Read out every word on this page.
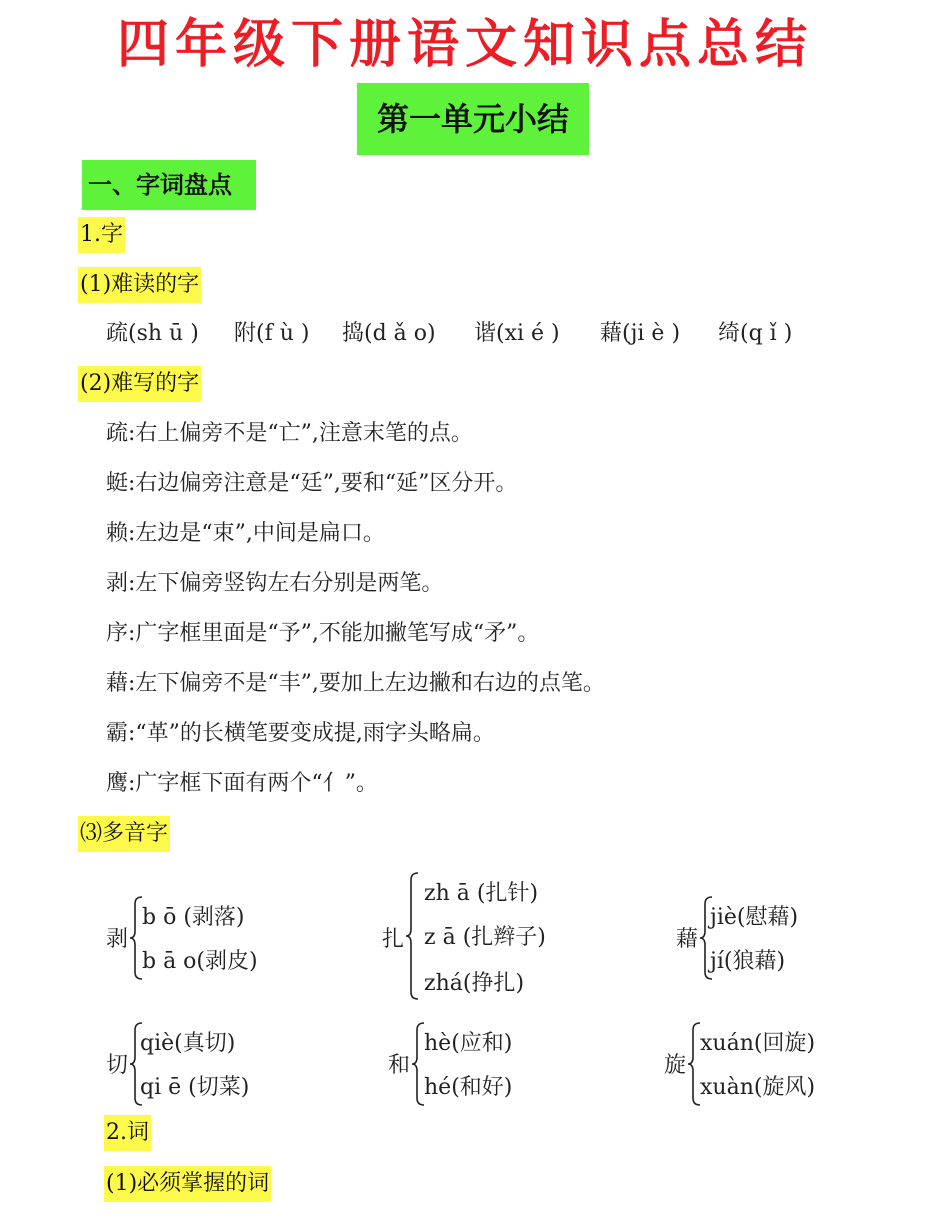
四年级下册语文知识点总结
第一单元小结
一、字词盘点
1.字
(1)难读的字
疏(sh ū ) 附(f ù ) 捣(d ǎ o) 谐(xi é ) 藉(ji è ) 绮(q ǐ )
(2)难写的字
疏:右上偏旁不是“亡”,注意末笔的点。
蜓:右边偏旁注意是“廷”,要和“延”区分开。
赖:左边是“束”,中间是扁口。
剥:左下偏旁竖钩左右分别是两笔。
序:广字框里面是“予”,不能加撇笔写成“矛”。
藉:左下偏旁不是“丰”,要加上左边撇和右边的点笔。
霸:“革”的长横笔要变成提,雨字头略扁。
鹰:广字框下面有两个“亻”。
⑶多音字
剥
b ō (剥落)
b ā o(剥皮)
扎
zh ā (扎针)
z ā (扎辫子)
zhá(挣扎)
藉
jiè(慰藉)
jí(狼藉)
切
qiè(真切)
qi ē (切菜)
和
hè(应和)
hé(和好)
旋
xuán(回旋)
xuàn(旋风)
2.词
(1)必须掌握的词
